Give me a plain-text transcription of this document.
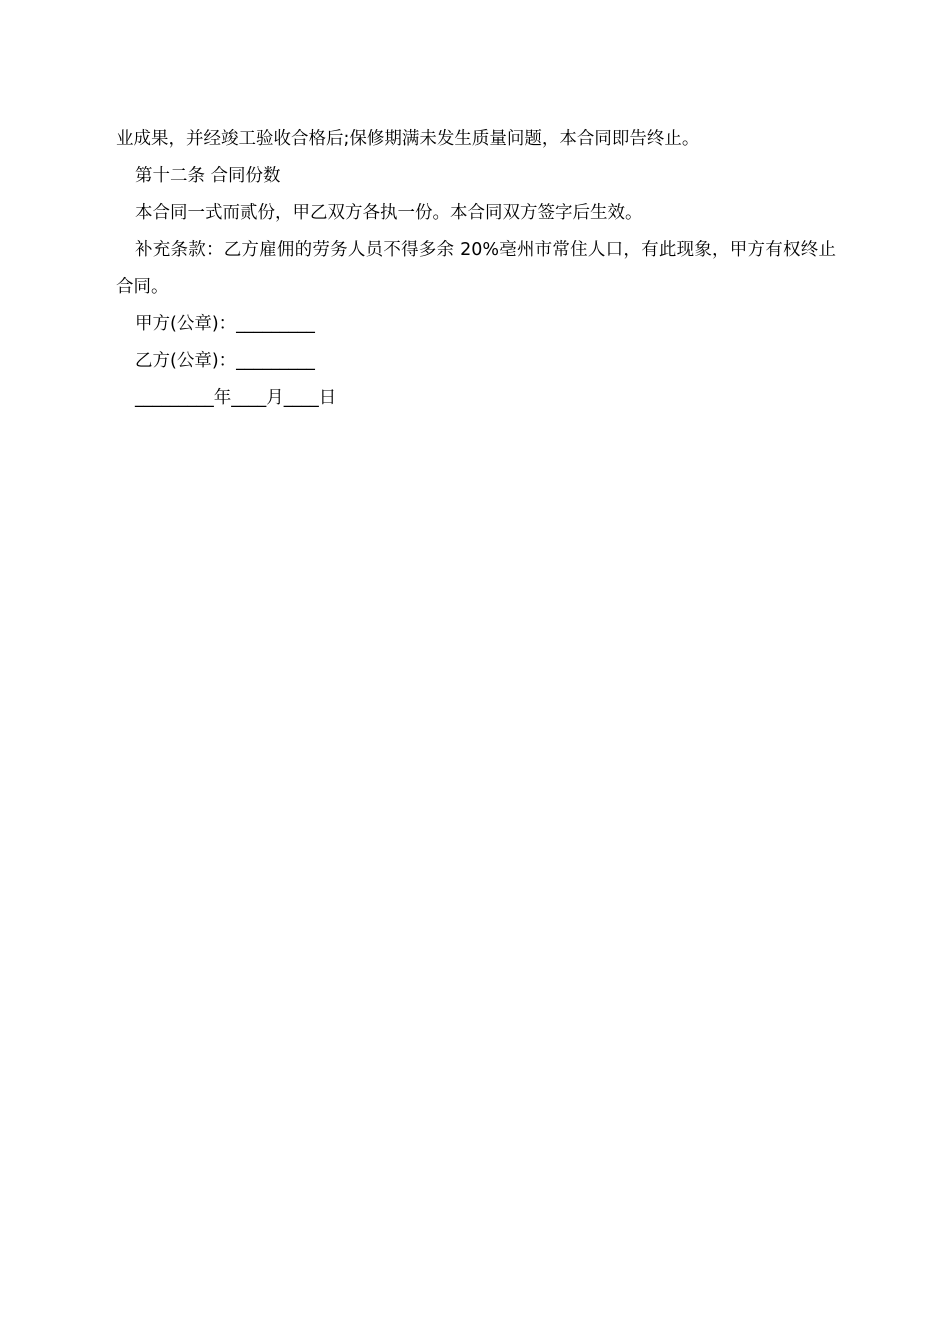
业成果，并经竣工验收合格后;保修期满未发生质量问题，本合同即告终止。

第十二条 合同份数

本合同一式而贰份，甲乙双方各执一份。本合同双方签字后生效。

补充条款：乙方雇佣的劳务人员不得多余 20%亳州市常住人口，有此现象，甲方有权终止合同。

甲方(公章)：_________

乙方(公章)：_________

_________年____月____日
